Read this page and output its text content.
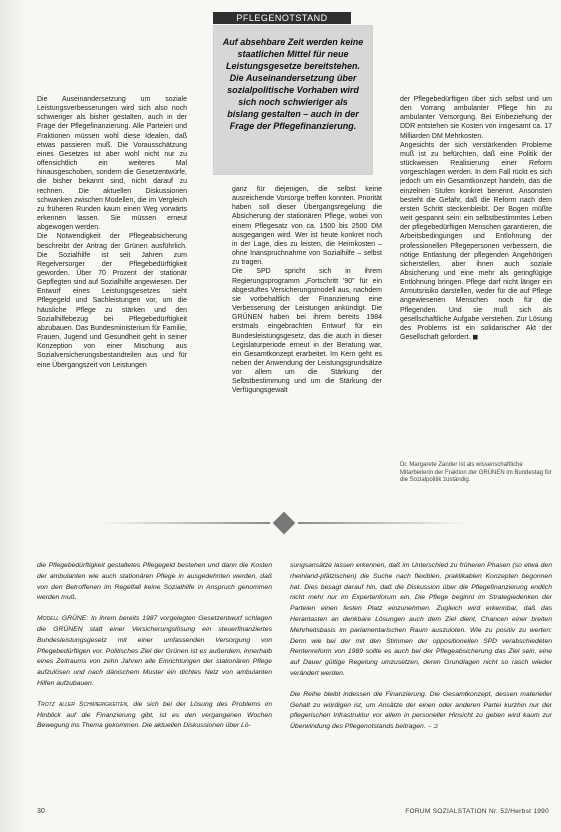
PFLEGENOTSTAND

Auf absehbare Zeit werden keine staatlichen Mittel für neue Leistungsgesetze bereitstehen. Die Auseinandersetzung über sozialpolitische Vorhaben wird sich noch schwieriger als bislang gestalten – auch in der Frage der Pflegefinanzierung.

Die Auseinandersetzung um soziale Leistungsverbesserungen wird sich also noch schwieriger als bisher gestalten, auch in der Frage der Pflegefinanzierung. Alle Parteien und Fraktionen müssen wohl diese Idealen, daß etwas passieren muß. Die Vorausschätzung eines Gesetzes ist aber wohl nicht nur zu offensichtlich ein weiteres Mal hinausgeschoben, sondern die Gesetzentwürfe, die bisher bekannt sind, nicht darauf zu rechnen. Die aktuellen Diskussionen schwanken zwischen Modellen, die im Vergleich zu früheren Runden kaum einen Weg vorwärts erkennen lassen. Sie müssen erneut abgewogen werden.
Die Notwendigkeit der Pflegeabsicherung beschreibt der Antrag der Grünen ausführlich. Die Sozialhilfe ist seit Jahren zum Regelversorger der Pflegebedürftigkeit geworden. Über 70 Prozent der stationär Gepflegten sind auf Sozialhilfe angewiesen. Der Entwurf eines Leistungsgesetzes sieht Pflegegeld und Sachleistungen vor, um die häusliche Pflege zu stärken und den Sozialhilfebezug bei Pflegebedürftigkeit abzubauen. Das Bundesministerium für Familie, Frauen, Jugend und Gesundheit geht in seiner Konzeption von einer Mischung aus Sozialversicherungsbestandteilen aus und für eine Übergangszeit von Leistungen
ganz für diejenigen, die selbst keine ausreichende Vorsorge treffen konnten. Priorität haben soll dieser Übergangsregelung die Absicherung der stationären Pflege, wobei von einem Pflegesatz von ca. 1500 bis 2500 DM ausgegangen wird. Wer ist heute konkret noch in der Lage, dies zu leisten, die Heimkosten – ohne Inanspruchnahme von Sozialhilfe – selbst zu tragen.
Die SPD spricht sich in ihrem Regierungsprogramm „Fortschritt '90" für ein abgestuftes Versicherungsmodell aus, nachdem sie vorbehaltlich der Finanzierung eine Verbesserung der Leistungen ankündigt. Die GRÜNEN haben bei ihrem bereits 1984 erstmals eingebrachten Entwurf für ein Bundesleistungsgesetz, das die auch in dieser Legislaturperiode erneut in der Beratung war, ein Gesamtkonzept erarbeitet. Im Kern geht es neben der Anwendung der Leistungsgrundsätze vor allem um die Stärkung der Selbstbestimmung und um die Stärkung der Verfügungsgewalt
der Pflegebedürftigen über sich selbst und um den Vorrang ambulanter Pflege hin zu ambulanter Versorgung. Bei Einbeziehung der DDR entstehen sie Kosten von insgesamt ca. 17 Milliarden DM Mehrkosten.
Angesichts der sich verstärkenden Probleme muß ist zu befürchten, daß eine Politik der stückweisen Realisierung einer Reform vorgeschlagen werden. In dem Fall rückt es sich jedoch um ein Gesamtkonzept handeln, das die einzelnen Stufen konkret benennt. Ansonsten besteht die Gefahr, daß die Reform nach dem ersten Schritt steckenbleibt. Der Bogen müßte weit gespannt sein: ein selbstbestimmtes Leben der pflegebedürftigen Menschen garantieren, die Arbeitsbedingungen und Entlohnung der professionellen Pflegepersonen verbessern, die nötige Entlastung der pflegenden Angehörigen sicherstellen, aber ihnen auch soziale Absicherung und eine mehr als geringfügige Entlohnung bringen. Pflege darf nicht länger ein Armutsrisiko darstellen, weder für die auf Pflege angewiesenen Menschen noch für die Pflegenden. Und sie muß sich als gesellschaftliche Aufgabe verstehen. Zur Lösung des Problems ist ein solidarischer Akt der Gesellschaft gefordert. ◼
Dr. Margarete Zander ist als wissenschaftliche Mitarbeiterin der Fraktion der GRÜNEN im Bundestag für die Sozialpolitik zuständig.

die Pflegebedürftigkeit gestaltetes Pflegegeld bestehen und dann die Kosten der ambulanten wie auch stationären Pflege in ausgedehnten werden, daß von den Betroffenen im Regelfall keine Sozialhilfe in Anspruch genommen werden muß.

Modell GRÜNE: In ihrem bereits 1987 vorgelegten Gesetzentwurf schlagen die GRÜNEN statt einer Versicherungslösung ein steuerfinanziertes Bundesleistungsgesetz mit einer umfassenden Versorgung von Pflegebedürftigen vor. Politisches Ziel der Grünen ist es außerdem, innerhalb eines Zeitraums von zehn Jahren alle Einrichtungen der stationären Pflege aufzulösen und nach dänischem Muster ein dichtes Netz von ambulanten Hilfen aufzubauen.

Trotz aller Schwierigkeiten, die sich bei der Lösung des Problems im Hinblick auf die Finanzierung gibt, ist es den vergangenen Wochen Bewegung ins Thema gekommen. Die aktuellen Diskussionen über Lö-

sungsansätze lassen erkennen, daß im Unterschied zu früheren Phasen (so etwa den rheinland-pfälzischen) die Suche nach flexiblen, praktikablen Konzepten begonnen hat. Dies besagt darauf hin, daß die Diskussion über die Pflegefinanzierung endlich nicht mehr nur im Expertenforum ein. Die Pflege beginnt im Strategiedenken der Parteien einen festen Platz einzunehmen. Zugleich wird erkennbar, daß das Herantasten an denkbare Lösungen auch dem Ziel dient, Chancen einer breiten Mehrheitsbasis im parlamentarischen Raum auszuloten. Wie zu positiv zu werten: Denn wie bei der mit den Stimmen der oppositionellen SPD verabschiedeten Rentenreform von 1989 sollte es auch bei der Pflegeabsicherung das Ziel sein, eine auf Dauer gültige Regelung umzusetzen, deren Grundlagen nicht so rasch wieder verändert werden.

Die Reihe bleibt indessen die Finanzierung. Die Gesamtkonzept, dessen materieller Gehalt zu würdigen ist, um Ansätze der einen oder anderen Partei kurzhin nur der pflegerischen Infrastruktur vor allem in personeller Hinsicht zu geben wird kaum zur Überwindung des Pflegenotstands beitragen. ⎯ ⊐

30	FORUM SOZIALSTATION Nr. 52/Herbst 1990
